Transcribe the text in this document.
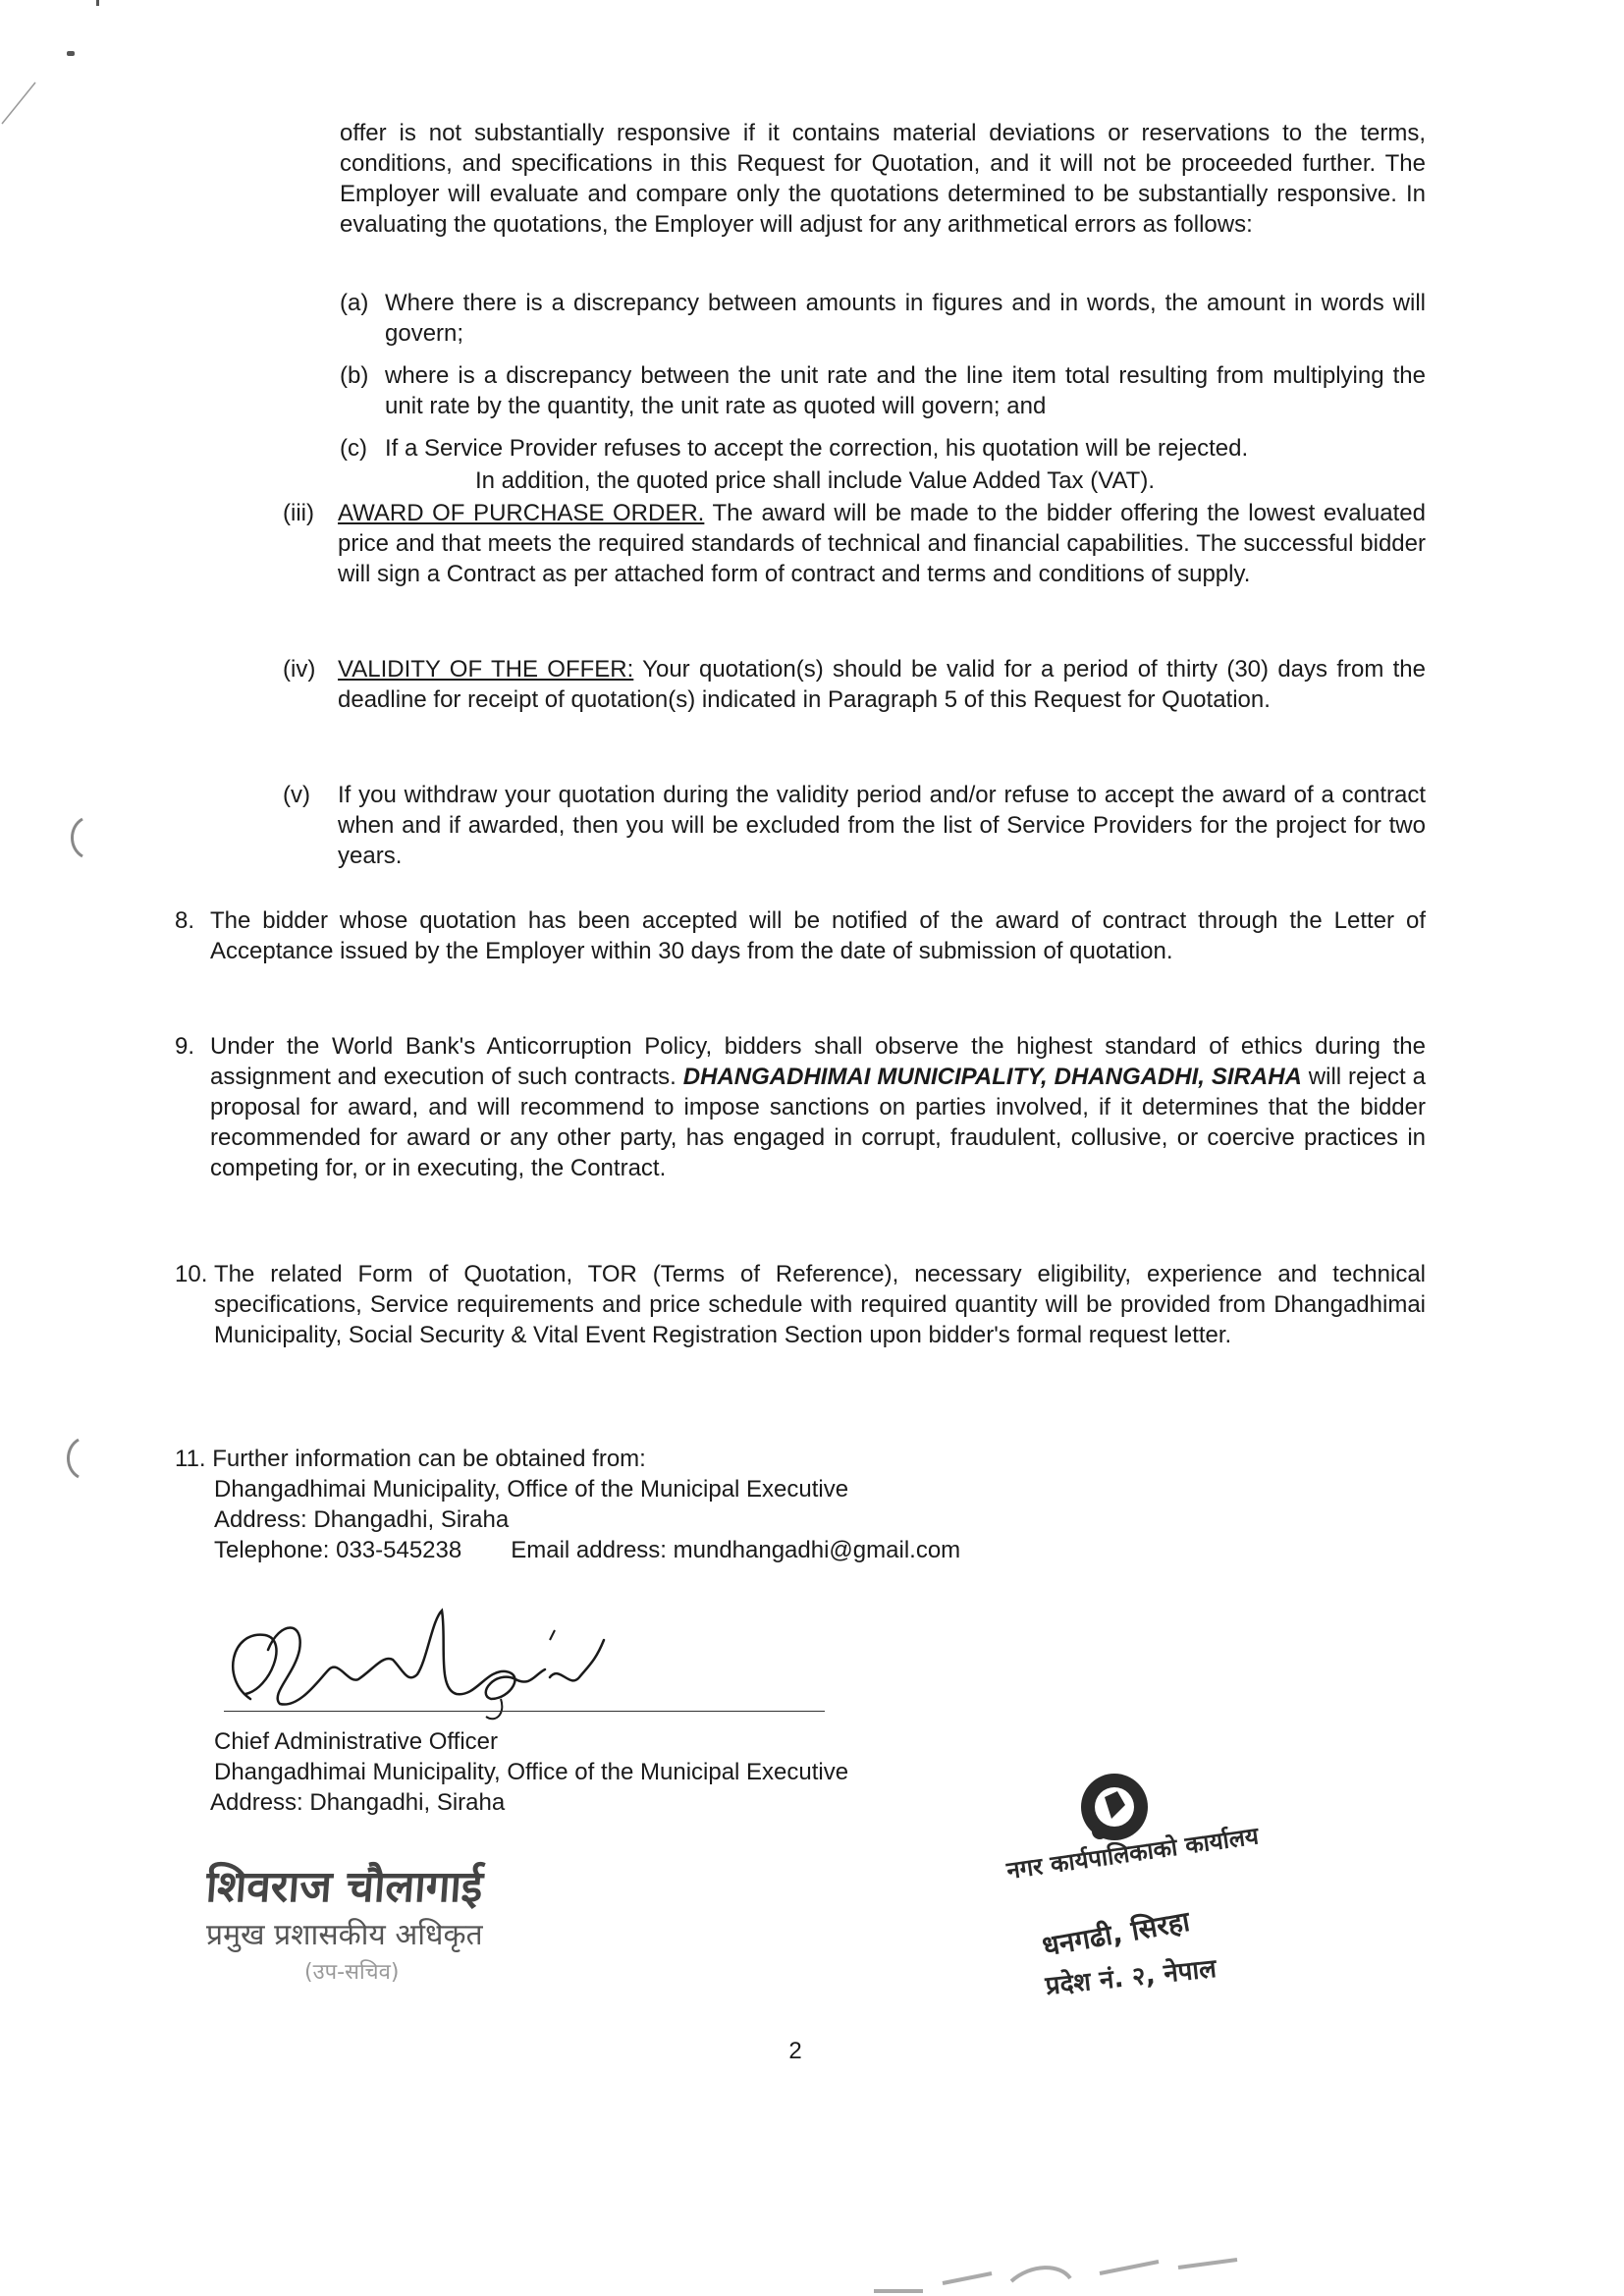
offer is not substantially responsive if it contains material deviations or reservations to the terms, conditions, and specifications in this Request for Quotation, and it will not be proceeded further. The Employer will evaluate and compare only the quotations determined to be substantially responsive. In evaluating the quotations, the Employer will adjust for any arithmetical errors as follows:
(a) Where there is a discrepancy between amounts in figures and in words, the amount in words will govern;
(b) where is a discrepancy between the unit rate and the line item total resulting from multiplying the unit rate by the quantity, the unit rate as quoted will govern; and
(c) If a Service Provider refuses to accept the correction, his quotation will be rejected.
In addition, the quoted price shall include Value Added Tax (VAT).
(iii)	AWARD OF PURCHASE ORDER. The award will be made to the bidder offering the lowest evaluated price and that meets the required standards of technical and financial capabilities. The successful bidder will sign a Contract as per attached form of contract and terms and conditions of supply.
(iv) VALIDITY OF THE OFFER: Your quotation(s) should be valid for a period of thirty (30) days from the deadline for receipt of quotation(s) indicated in Paragraph 5 of this Request for Quotation.
(v)	If you withdraw your quotation during the validity period and/or refuse to accept the award of a contract when and if awarded, then you will be excluded from the list of Service Providers for the project for two years.
8. The bidder whose quotation has been accepted will be notified of the award of contract through the Letter of Acceptance issued by the Employer within 30 days from the date of submission of quotation.
9. Under the World Bank's Anticorruption Policy, bidders shall observe the highest standard of ethics during the assignment and execution of such contracts. DHANGADHIMAI MUNICIPALITY, DHANGADHI, SIRAHA will reject a proposal for award, and will recommend to impose sanctions on parties involved, if it determines that the bidder recommended for award or any other party, has engaged in corrupt, fraudulent, collusive, or coercive practices in competing for, or in executing, the Contract.
10. The related Form of Quotation, TOR (Terms of Reference), necessary eligibility, experience and technical specifications, Service requirements and price schedule with required quantity will be provided from Dhangadhimai Municipality, Social Security & Vital Event Registration Section upon bidder's formal request letter.
11. Further information can be obtained from:
Dhangadhimai Municipality, Office of the Municipal Executive
Address: Dhangadhi, Siraha
Telephone: 033-545238 Email address: mundhangadhi@gmail.com
Chief Administrative Officer
Dhangadhimai Municipality, Office of the Municipal Executive
Address: Dhangadhi, Siraha
शिवराज चौलागाई
प्रमुख प्रशासकीय अधिकृत
(उप-सचिव)
नगर कार्यपालिकाको कार्यालय
धनगढी, सिरहा
प्रदेश नं. २, नेपाल
2
